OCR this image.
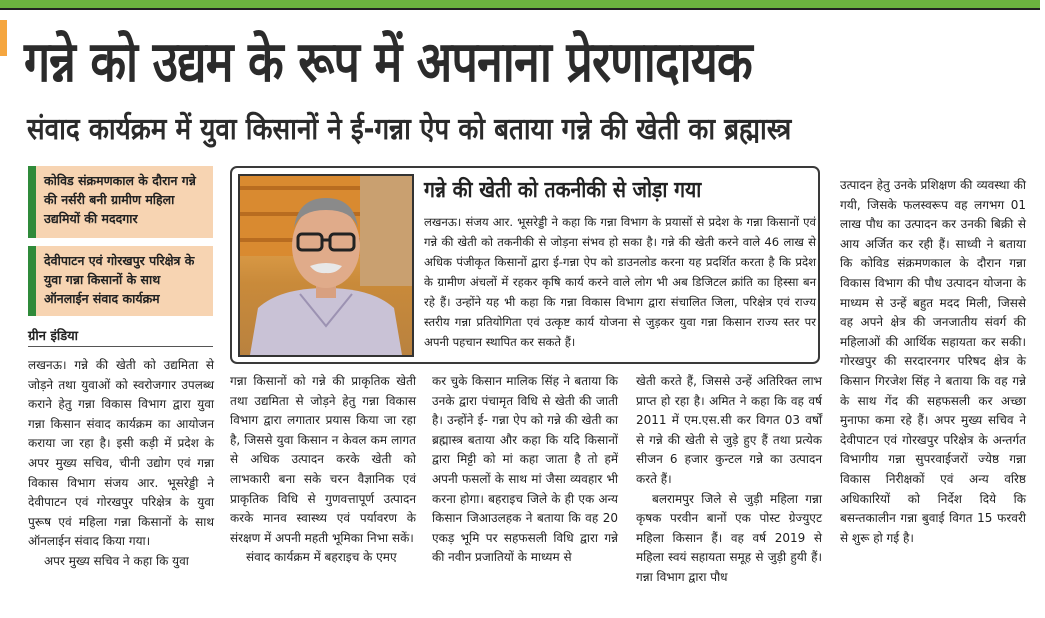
गन्ने को उद्यम के रूप में अपनाना प्रेरणादायक
संवाद कार्यक्रम में युवा किसानों ने ई-गन्ना ऐप को बताया गन्ने की खेती का ब्रह्मास्त्र
कोविड संक्रमणकाल के दौरान गन्ने की नर्सरी बनी ग्रामीण महिला उद्यमियों की मददगार
देवीपाटन एवं गोरखपुर परिक्षेत्र के युवा गन्ना किसानों के साथ ऑनलाईन संवाद कार्यक्रम
ग्रीन इंडिया
गन्ने की खेती को तकनीकी से जोड़ा गया
लखनऊ। संजय आर. भूसरेड्डी ने कहा कि गन्ना विभाग के प्रयासों से प्रदेश के गन्ना किसानों एवं गन्ने की खेती को तकनीकी से जोड़ना संभव हो सका है। गन्ने की खेती करने वाले 46 लाख से अधिक पंजीकृत किसानों द्वारा ई-गन्ना ऐप को डाउनलोड करना यह प्रदर्शित करता है कि प्रदेश के ग्रामीण अंचलों में रहकर कृषि कार्य करने वाले लोग भी अब डिजिटल क्रांति का हिस्सा बन रहे हैं। उन्होंने यह भी कहा कि गन्ना विकास विभाग द्वारा संचालित जिला, परिक्षेत्र एवं राज्य स्तरीय गन्ना प्रतियोगिता एवं उत्कृष्ट कार्य योजना से जुड़कर युवा गन्ना किसान राज्य स्तर पर अपनी पहचान स्थापित कर सकते हैं।

लखनऊ। गन्ने की खेती को उद्यमिता से जोड़ने तथा युवाओं को स्वरोजगार उपलब्ध कराने हेतु गन्ना विकास विभाग द्वारा युवा गन्ना किसान संवाद कार्यक्रम का आयोजन कराया जा रहा है। इसी कड़ी में प्रदेश के अपर मुख्य सचिव, चीनी उद्योग एवं गन्ना विकास विभाग संजय आर. भूसरेड्डी ने देवीपाटन एवं गोरखपुर परिक्षेत्र के युवा पुरूष एवं महिला गन्ना किसानों के साथ ऑनलाईन संवाद किया गया।

अपर मुख्य सचिव ने कहा कि युवा

गन्ना किसानों को गन्ने की प्राकृतिक खेती तथा उद्यमिता से जोड़ने हेतु गन्ना विकास विभाग द्वारा लगातार प्रयास किया जा रहा है, जिससे युवा किसान न केवल कम लागत से अधिक उत्पादन करके खेती को लाभकारी बना सके चरन वैज्ञानिक एवं प्राकृतिक विधि से गुणवत्तापूर्ण उत्पादन करके मानव स्वास्थ्य एवं पर्यावरण के संरक्षण में अपनी महती भूमिका निभा सकें।

संवाद कार्यक्रम में बहराइच के एमए

कर चुके किसान मालिक सिंह ने बताया कि उनके द्वारा पंचामृत विधि से खेती की जाती है। उन्होंने ई- गन्ना ऐप को गन्ने की खेती का ब्रह्मास्त्र बताया और कहा कि यदि किसानों द्वारा मिट्टी को मां कहा जाता है तो हमें अपनी फसलों के साथ मां जैसा व्यवहार भी करना होगा। बहराइच जिले के ही एक अन्य किसान जिआउलहक ने बताया कि वह 20 एकड़ भूमि पर सहफसली विधि द्वारा गन्ने की नवीन प्रजातियों के माध्यम से

खेती करते हैं, जिससे उन्हें अतिरिक्त लाभ प्राप्त हो रहा है। अमित ने कहा कि वह वर्ष 2011 में एम.एस.सी कर विगत 03 वर्षों से गन्ने की खेती से जुड़े हुए हैं तथा प्रत्येक सीजन 6 हजार कुन्टल गन्ने का उत्पादन करते हैं।

बलरामपुर जिले से जुड़ी महिला गन्ना कृषक परवीन बानों एक पोस्ट ग्रेज्युएट महिला किसान हैं। वह वर्ष 2019 से महिला स्वयं सहायता समूह से जुड़ी हुयी हैं। गन्ना विभाग द्वारा पौध

उत्पादन हेतु उनके प्रशिक्षण की व्यवस्था की गयी, जिसके फलस्वरूप वह लगभग 01 लाख पौध का उत्पादन कर उनकी बिक्री से आय अर्जित कर रही हैं। साध्वी ने बताया कि कोविड संक्रमणकाल के दौरान गन्ना विकास विभाग की पौध उत्पादन योजना के माध्यम से उन्हें बहुत मदद मिली, जिससे वह अपने क्षेत्र की जनजातीय संवर्ग की महिलाओं की आर्थिक सहायता कर सकी। गोरखपुर की सरदारनगर परिषद क्षेत्र के किसान गिरजेश सिंह ने बताया कि वह गन्ने के साथ गेंद की सहफसली कर अच्छा मुनाफा कमा रहे हैं। अपर मुख्य सचिव ने देवीपाटन एवं गोरखपुर परिक्षेत्र के अन्तर्गत विभागीय गन्ना सुपरवाईजरों ज्येष्ठ गन्ना विकास निरीक्षकों एवं अन्य वरिष्ठ अधिकारियों को निर्देश दिये कि बसन्तकालीन गन्ना बुवाई विगत 15 फरवरी से शुरू हो गई है।
